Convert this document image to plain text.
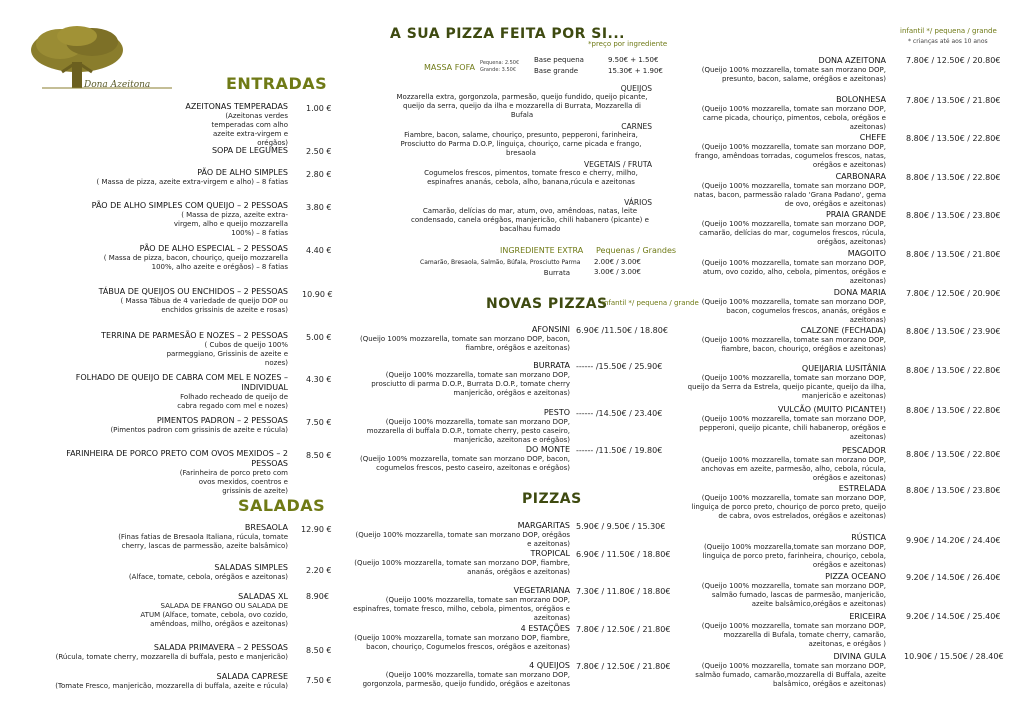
Dona Azeitona	ENTRADAS
AZEITONAS TEMPERADAS
(Azeitonas verdes temperadas com alho azeite extra-virgem e orégãos)
1.00 €
SOPA DE LEGUMES 2.50 €
PÃO DE ALHO SIMPLES
( Massa de pizza, azeite extra-virgem e alho) – 8 fatias
2.80 €
PÃO DE ALHO SIMPLES COM QUEIJO – 2 PESSOAS
( Massa de pizza, azeite extra-virgem, alho e queijo mozzarella 100%) – 8 fatias
3.80 €
PÃO DE ALHO ESPECIAL – 2 PESSOAS
( Massa de pizza, bacon, chouriço, queijo mozzarella 100%, alho azeite e orégãos) – 8 fatias
4.40 €
TÁBUA DE QUEIJOS OU ENCHIDOS – 2 PESSOAS
( Massa Tábua de 4 variedade de queijo DOP ou enchidos grissinis de azeite e rosas)
10.90 €
TERRINA DE PARMESÃO E NOZES – 2 PESSOAS
( Cubos de queijo 100% parmeggiano, Grissinis de azeite e nozes)
5.00 €
FOLHADO DE QUEIJO DE CABRA COM MEL E NOZES – INDIVIDUAL
Folhado recheado de queijo de cabra regado com mel e nozes)
4.30 €
PIMENTOS PADRON – 2 PESSOAS
(Pimentos padron com grissinis de azeite e rúcula)
7.50 €
FARINHEIRA DE PORCO PRETO COM OVOS MEXIDOS – 2 PESSOAS
(Farinheira de porco preto com ovos mexidos, coentros e grissinis de azeite)
8.50 €
SALADAS
BRESAOLA
(Finas fatias de Bresaola Italiana, rúcula, tomate cherry, lascas de parmessão, azeite balsâmico)
12.90 €
SALADAS SIMPLES
(Alface, tomate, cebola, orégãos e azeitonas)
2.20 €
SALADAS XL
SALADA DE FRANGO OU SALADA DE ATUM (Alface, tomate, cebola, ovo cozido, amêndoas, milho, orégãos e azeitonas)
8.90€
SALADA PRIMAVERA – 2 PESSOAS
(Rúcula, tomate cherry, mozzarella di buffala, pesto e manjericão)
8.50 €
SALADA CAPRESE
(Tomate Fresco, manjericão, mozzarella di buffala, azeite e rúcula)
7.50 €
A SUA PIZZA FEITA POR SI...
*preço por ingrediente
MASSA FOFA Pequena: 2.50€ Grande: 3.50€
Base pequena
Base grande
9.50€ + 1.50€
15.30€ + 1.90€
QUEIJOS
Mozzarella extra, gorgonzola, parmesão, queijo fundido, queijo picante, queijo da serra, queijo da ilha e mozzarella di Burrata, Mozzarella di Bufala
CARNES
Fiambre, bacon, salame, chouriço, presunto, pepperoni, farinheira, Prosciutto do Parma D.O.P, linguiça, chouriço, carne picada e frango, bresaola
VEGETAIS / FRUTA
Cogumelos frescos, pimentos, tomate fresco e cherry, milho, espinafres ananás, cebola, alho, banana,rúcula e azeitonas
VÁRIOS
Camarão, delícias do mar, atum, ovo, amêndoas, natas, leite condensado, canela orégãos, manjericão, chili habanero (picante) e bacalhau fumado
INGREDIENTE EXTRA Pequenas / Grandes
Camarão, Bresaola, Salmão, Búfala, Prosciutto Parma 2.00€ / 3.00€
Burrata	3.00€ / 3.00€
NOVAS PIZZAS
infantil */ pequena / grande
AFONSINI
(Queijo 100% mozzarella, tomate san morzano DOP, bacon, fiambre, orégãos e azeitonas)
6.90€ /11.50€ / 18.80€
BURRATA
(Queijo 100% mozzarella, tomate san morzano DOP, prosciutto di parma D.O.P., Burrata D.O.P., tomate cherry manjericão, orégãos e azeitonas)
------ /15.50€ / 25.90€
PESTO
(Queijo 100% mozzarella, tomate san morzano DOP, mozzarella di buffala D.O.P., tomate cherry, pesto caseiro, manjericão, azeitonas e orégãos)
------ /14.50€ / 23.40€
DO MONTE
(Queijo 100% mozzarella, tomate san morzano DOP, bacon, cogumelos frescos, pesto caseiro, azeitonas e orégãos)
------ /11.50€ / 19.80€
PIZZAS
MARGARITAS
(Queijo 100% mozzarella, tomate san morzano DOP, orégãos e azeitonas)
5.90€ / 9.50€ / 15.30€
TROPICAL
(Queijo 100% mozzarella, tomate san morzano DOP, fiambre, ananás, orégãos e azeitonas)
6.90€ / 11.50€ / 18.80€
VEGETARIANA
(Queijo 100% mozzarella, tomate san morzano DOP, espinafres, tomate fresco, milho, cebola, pimentos, orégãos e azeitonas)
7.30€ / 11.80€ / 18.80€
4 ESTAÇÕES
(Queijo 100% mozzarella, tomate san morzano DOP, fiambre, bacon, chouriço, Cogumelos frescos, orégãos e azeitonas)
7.80€ / 12.50€ / 21.80€
4 QUEIJOS
(Queijo 100% mozzarella, tomate san morzano DOP, gorgonzola, parmesão, queijo fundido, orégãos e azeitonas
7.80€ / 12.50€ / 21.80€
infantil */ pequena / grande
* crianças até aos 10 anos
DONA AZEITONA
(Queijo 100% mozzarella, tomate san morzano DOP, presunto, bacon, salame, orégãos e azeitonas)
7.80€ / 12.50€ / 20.80€
BOLONHESA
(Queijo 100% mozzarella, tomate san morzano DOP, carne picada, chouriço, pimentos, cebola, orégãos e azeitonas)
7.80€ / 13.50€ / 21.80€
CHEFE
(Queijo 100% mozzarella, tomate san morzano DOP, frango, amêndoas torradas, cogumelos frescos, natas, orégãos e azeitonas)
8.80€ / 13.50€ / 22.80€
CARBONARA
(Queijo 100% mozzarella, tomate san morzano DOP, natas, bacon, parmessão ralado 'Grana Padano', gema de ovo, orégãos e azeitonas)
8.80€ / 13.50€ / 22.80€
PRAIA GRANDE
(Queijo 100% mozzarella, tomate san morzano DOP, camarão, delícias do mar, cogumelos frescos, rúcula, orégãos, azeitonas)
8.80€ / 13.50€ / 23.80€
MAGOITO
(Queijo 100% mozzarella, tomate san morzano DOP, atum, ovo cozido, alho, cebola, pimentos, orégãos e azeitonas)
8.80€ / 13.50€ / 21.80€
DONA MARIA
(Queijo 100% mozzarella, tomate san morzano DOP, bacon, cogumelos frescos, ananás, orégãos e azeitonas)
7.80€ / 12.50€ / 20.90€
CALZONE (FECHADA)
(Queijo 100% mozzarella, tomate san morzano DOP, fiambre, bacon, chouriço, orégãos e azeitonas)
8.80€ / 13.50€ / 23.90€
QUEIJARIA LUSITÂNIA
(Queijo 100% mozzarella, tomate san morzano DOP, queijo da Serra da Estrela, queijo picante, queijo da ilha, manjericão e azeitonas)
8.80€ / 13.50€ / 22.80€
VULCÃO (MUITO PICANTE!)
(Queijo 100% mozzarella, tomate san morzano DOP, pepperoni, queijo picante, chili habanerop, orégãos e azeitonas)
8.80€ / 13.50€ / 22.80€
PESCADOR
(Queijo 100% mozzarella, tomate san morzano DOP, anchovas em azeite, parmesão, alho, cebola, rúcula, orégãos e azeitonas)
8.80€ / 13.50€ / 22.80€
ESTRELADA
(Queijo 100% mozzarella, tomate san morzano DOP, linguiça de porco preto, chouriço de porco preto, queijo de cabra, ovos estrelados, orégãos e azeitonas)
8.80€ / 13.50€ / 23.80€
RÚSTICA
(Queijo 100% mozzarella,tomate san morzano DOP, linguiça de porco preto, farinheira, chouriço, cebola, orégãos e azeitonas)
9.90€ / 14.20€ / 24.40€
PIZZA OCEANO
(Queijo 100% mozzarella, tomate san morzano DOP, salmão fumado, lascas de parmesão, manjericão, azeite balsâmico,orégãos e azeitonas)
9.20€ / 14.50€ / 26.40€
ERICEIRA
(Queijo 100% mozzarella, tomate san morzano DOP, mozzarella di Bufala, tomate cherry, camarão, azeitonas, e orégãos )
9.20€ / 14.50€ / 25.40€
DIVINA GULA
(Queijo 100% mozzarella, tomate san morzano DOP, salmão fumado, camarão,mozzarella di Buffala, azeite balsâmico, orégãos e azeitonas)
10.90€ / 15.50€ / 28.40€
